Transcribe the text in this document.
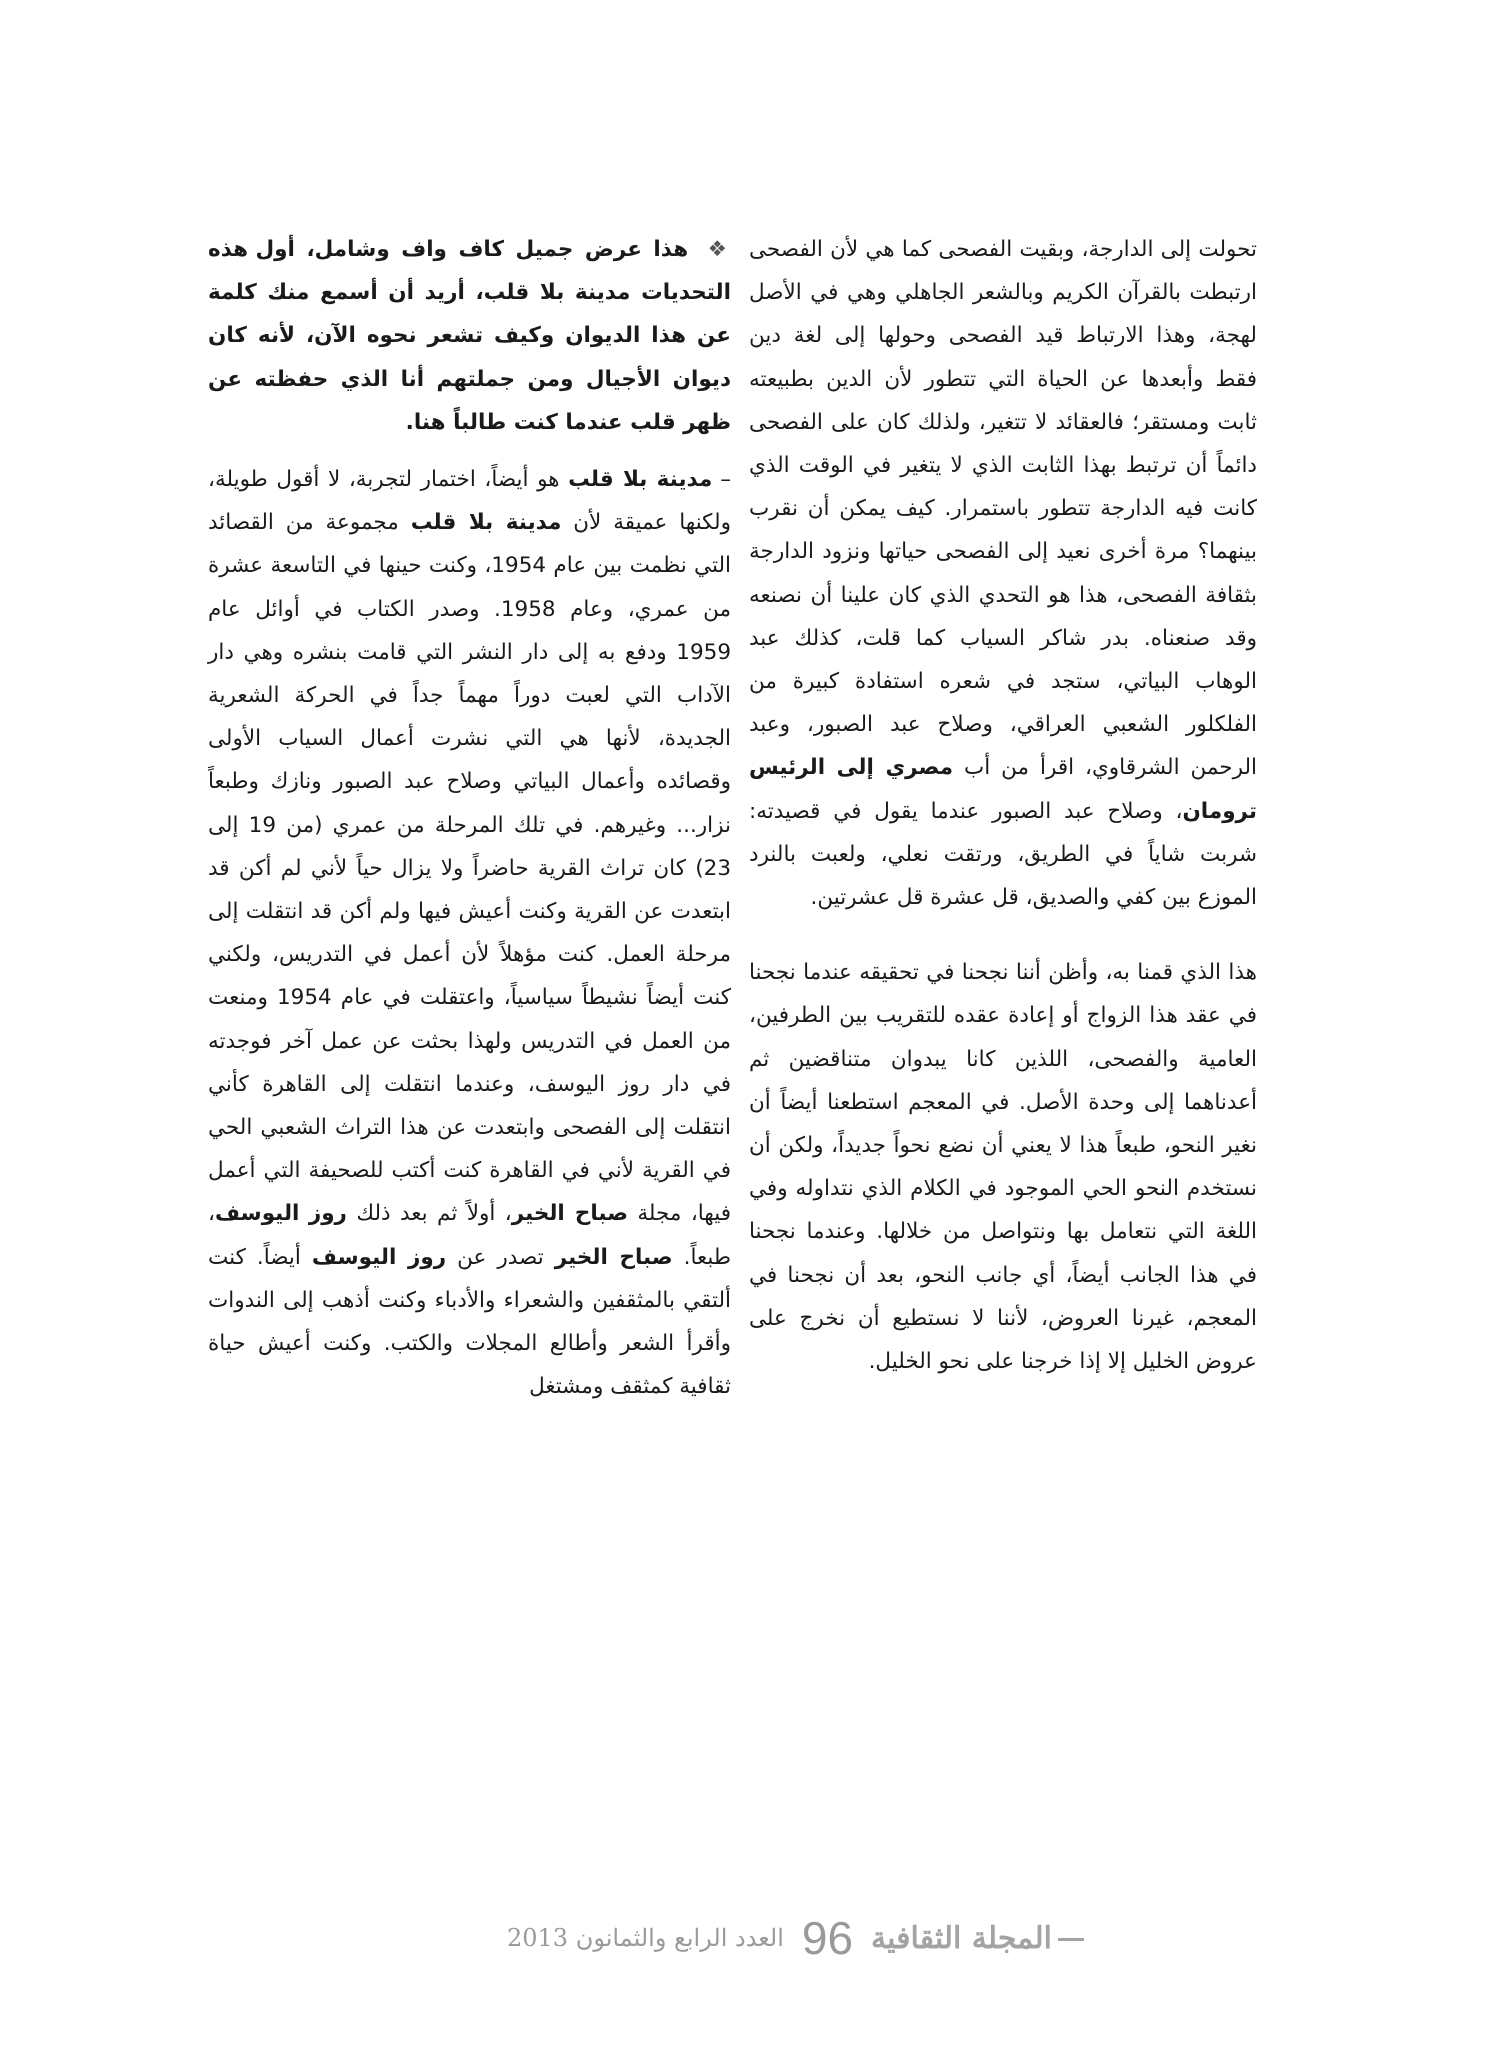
تحولت إلى الدارجة، وبقيت الفصحى كما هي لأن الفصحى ارتبطت بالقرآن الكريم وبالشعر الجاهلي وهي في الأصل لهجة، وهذا الارتباط قيد الفصحى وحولها إلى لغة دين فقط وأبعدها عن الحياة التي تتطور لأن الدين بطبيعته ثابت ومستقر؛ فالعقائد لا تتغير، ولذلك كان على الفصحى دائماً أن ترتبط بهذا الثابت الذي لا يتغير في الوقت الذي كانت فيه الدارجة تتطور باستمرار. كيف يمكن أن نقرب بينهما؟ مرة أخرى نعيد إلى الفصحى حياتها ونزود الدارجة بثقافة الفصحى، هذا هو التحدي الذي كان علينا أن نصنعه وقد صنعناه. بدر شاكر السياب كما قلت، كذلك عبد الوهاب البياتي، ستجد في شعره استفادة كبيرة من الفلكلور الشعبي العراقي، وصلاح عبد الصبور، وعبد الرحمن الشرقاوي، اقرأ من أب مصري إلى الرئيس ترومان، وصلاح عبد الصبور عندما يقول في قصيدته: شربت شاياً في الطريق، ورتقت نعلي، ولعبت بالنرد الموزع بين كفي والصديق، قل عشرة قل عشرتين.

هذا الذي قمنا به، وأظن أننا نجحنا في تحقيقه عندما نجحنا في عقد هذا الزواج أو إعادة عقده للتقريب بين الطرفين، العامية والفصحى، اللذين كانا يبدوان متناقضين ثم أعدناهما إلى وحدة الأصل. في المعجم استطعنا أيضاً أن نغير النحو، طبعاً هذا لا يعني أن نضع نحواً جديداً، ولكن أن نستخدم النحو الحي الموجود في الكلام الذي نتداوله وفي اللغة التي نتعامل بها ونتواصل من خلالها. وعندما نجحنا في هذا الجانب أيضاً، أي جانب النحو، بعد أن نجحنا في المعجم، غيرنا العروض، لأننا لا نستطيع أن نخرج على عروض الخليل إلا إذا خرجنا على نحو الخليل.

❖ هذا عرض جميل كاف واف وشامل، أول هذه التحديات مدينة بلا قلب، أريد أن أسمع منك كلمة عن هذا الديوان وكيف تشعر نحوه الآن، لأنه كان ديوان الأجيال ومن جملتهم أنا الذي حفظته عن ظهر قلب عندما كنت طالباً هنا.

–مدينة بلا قلب هو أيضاً، اختمار لتجربة، لا أقول طويلة، ولكنها عميقة لأن مدينة بلا قلب مجموعة من القصائد التي نظمت بين عام 1954، وكنت حينها في التاسعة عشرة من عمري، وعام 1958. وصدر الكتاب في أوائل عام 1959 ودفع به إلى دار النشر التي قامت بنشره وهي دار الآداب التي لعبت دوراً مهماً جداً في الحركة الشعرية الجديدة، لأنها هي التي نشرت أعمال السياب الأولى وقصائده وأعمال البياتي وصلاح عبد الصبور ونازك وطبعاً نزار... وغيرهم. في تلك المرحلة من عمري (من 19 إلى 23) كان تراث القرية حاضراً ولا يزال حياً لأني لم أكن قد ابتعدت عن القرية وكنت أعيش فيها ولم أكن قد انتقلت إلى مرحلة العمل. كنت مؤهلاً لأن أعمل في التدريس، ولكني كنت أيضاً نشيطاً سياسياً، واعتقلت في عام 1954 ومنعت من العمل في التدريس ولهذا بحثت عن عمل آخر فوجدته في دار روز اليوسف، وعندما انتقلت إلى القاهرة كأني انتقلت إلى الفصحى وابتعدت عن هذا التراث الشعبي الحي في القرية لأني في القاهرة كنت أكتب للصحيفة التي أعمل فيها، مجلة صباح الخير، أولاً ثم بعد ذلك روز اليوسف، طبعاً. صباح الخير تصدر عن روز اليوسف أيضاً. كنت ألتقي بالمثقفين والشعراء والأدباء وكنت أذهب إلى الندوات وأقرأ الشعر وأطالع المجلات والكتب. وكنت أعيش حياة ثقافية كمثقف ومشتغل

المجلة الثقافية
96
العدد الرابع والثمانون 2013
